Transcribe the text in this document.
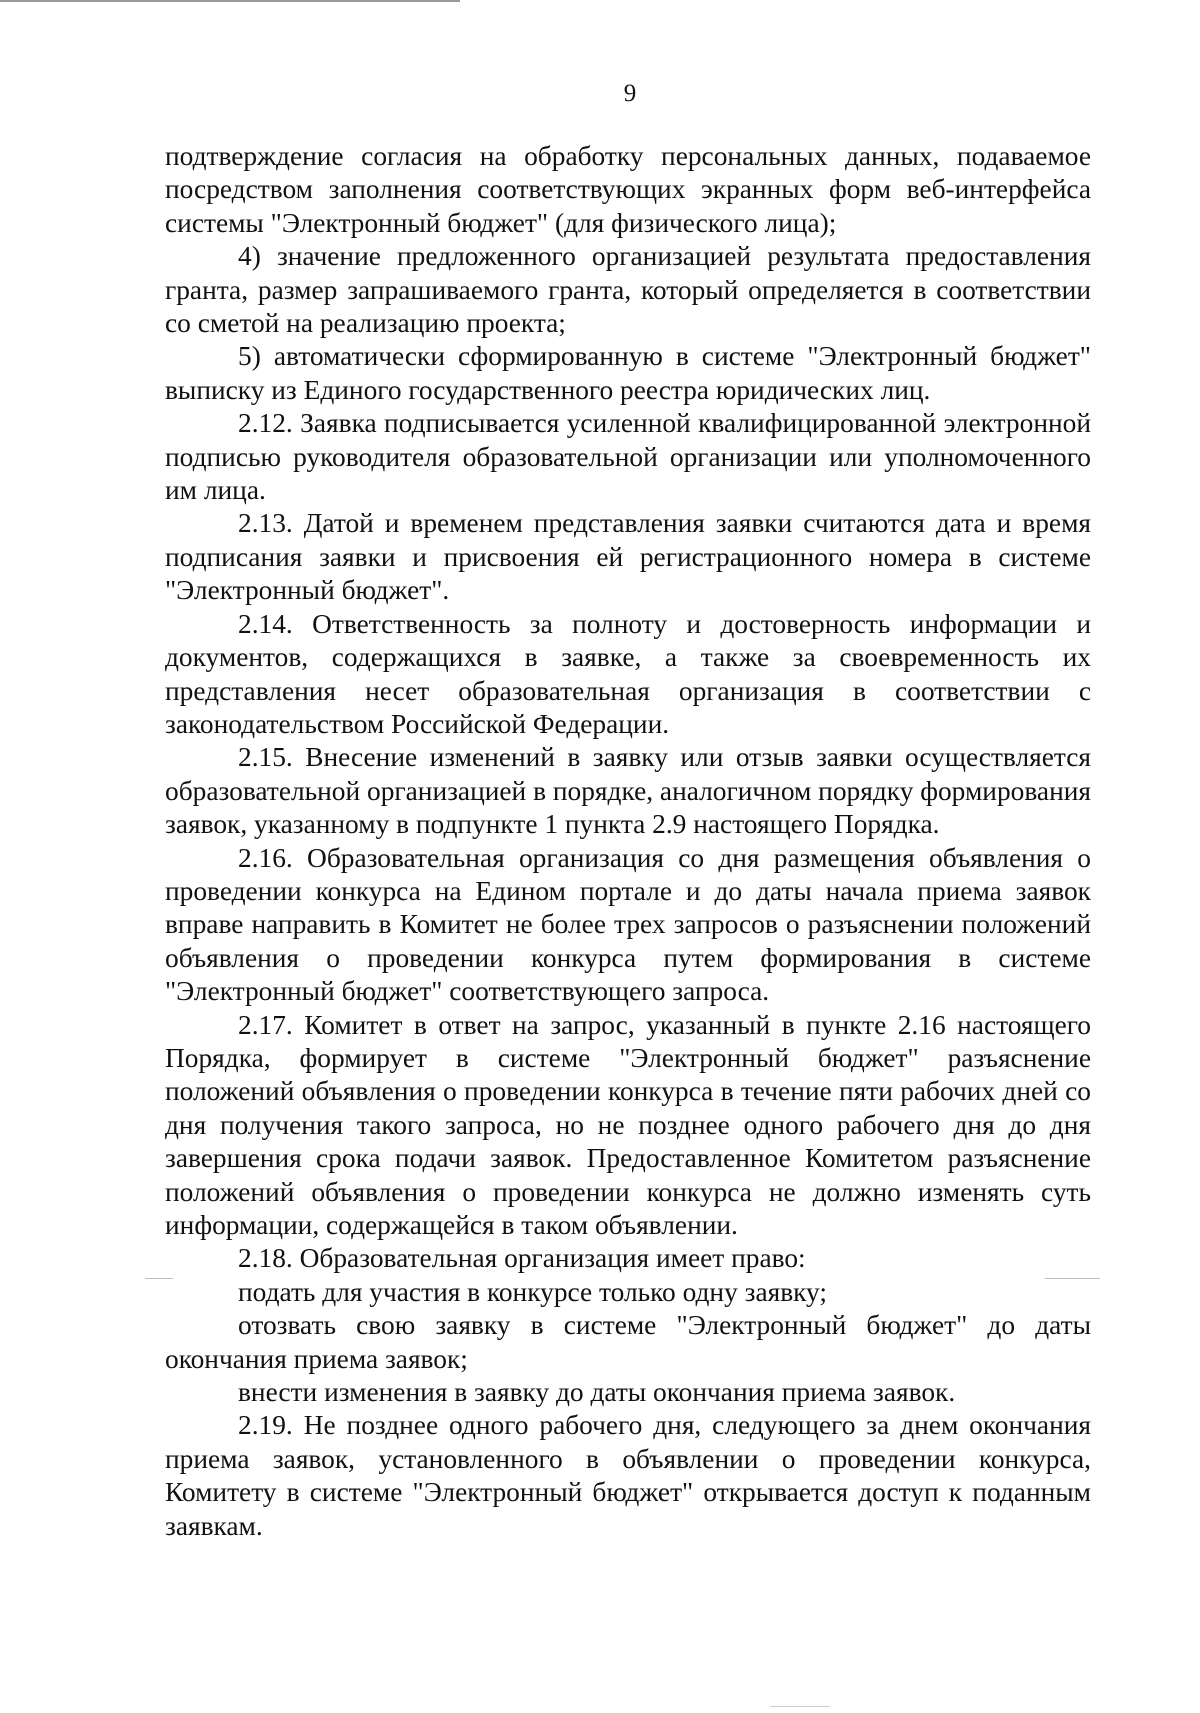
9

подтверждение согласия на обработку персональных данных, подаваемое посредством заполнения соответствующих экранных форм веб-интерфейса системы "Электронный бюджет" (для физического лица);

4) значение предложенного организацией результата предоставления гранта, размер запрашиваемого гранта, который определяется в соответствии со сметой на реализацию проекта;

5) автоматически сформированную в системе "Электронный бюджет" выписку из Единого государственного реестра юридических лиц.

2.12. Заявка подписывается усиленной квалифицированной электронной подписью руководителя образовательной организации или уполномоченного им лица.

2.13. Датой и временем представления заявки считаются дата и время подписания заявки и присвоения ей регистрационного номера в системе "Электронный бюджет".

2.14. Ответственность за полноту и достоверность информации и документов, содержащихся в заявке, а также за своевременность их представления несет образовательная организация в соответствии с законодательством Российской Федерации.

2.15. Внесение изменений в заявку или отзыв заявки осуществляется образовательной организацией в порядке, аналогичном порядку формирования заявок, указанному в подпункте 1 пункта 2.9 настоящего Порядка.

2.16. Образовательная организация со дня размещения объявления о проведении конкурса на Едином портале и до даты начала приема заявок вправе направить в Комитет не более трех запросов о разъяснении положений объявления о проведении конкурса путем формирования в системе "Электронный бюджет" соответствующего запроса.

2.17. Комитет в ответ на запрос, указанный в пункте 2.16 настоящего Порядка, формирует в системе "Электронный бюджет" разъяснение положений объявления о проведении конкурса в течение пяти рабочих дней со дня получения такого запроса, но не позднее одного рабочего дня до дня завершения срока подачи заявок. Предоставленное Комитетом разъяснение положений объявления о проведении конкурса не должно изменять суть информации, содержащейся в таком объявлении.

2.18. Образовательная организация имеет право:

подать для участия в конкурсе только одну заявку;

отозвать свою заявку в системе "Электронный бюджет" до даты окончания приема заявок;

внести изменения в заявку до даты окончания приема заявок.

2.19. Не позднее одного рабочего дня, следующего за днем окончания приема заявок, установленного в объявлении о проведении конкурса, Комитету в системе "Электронный бюджет" открывается доступ к поданным заявкам.
